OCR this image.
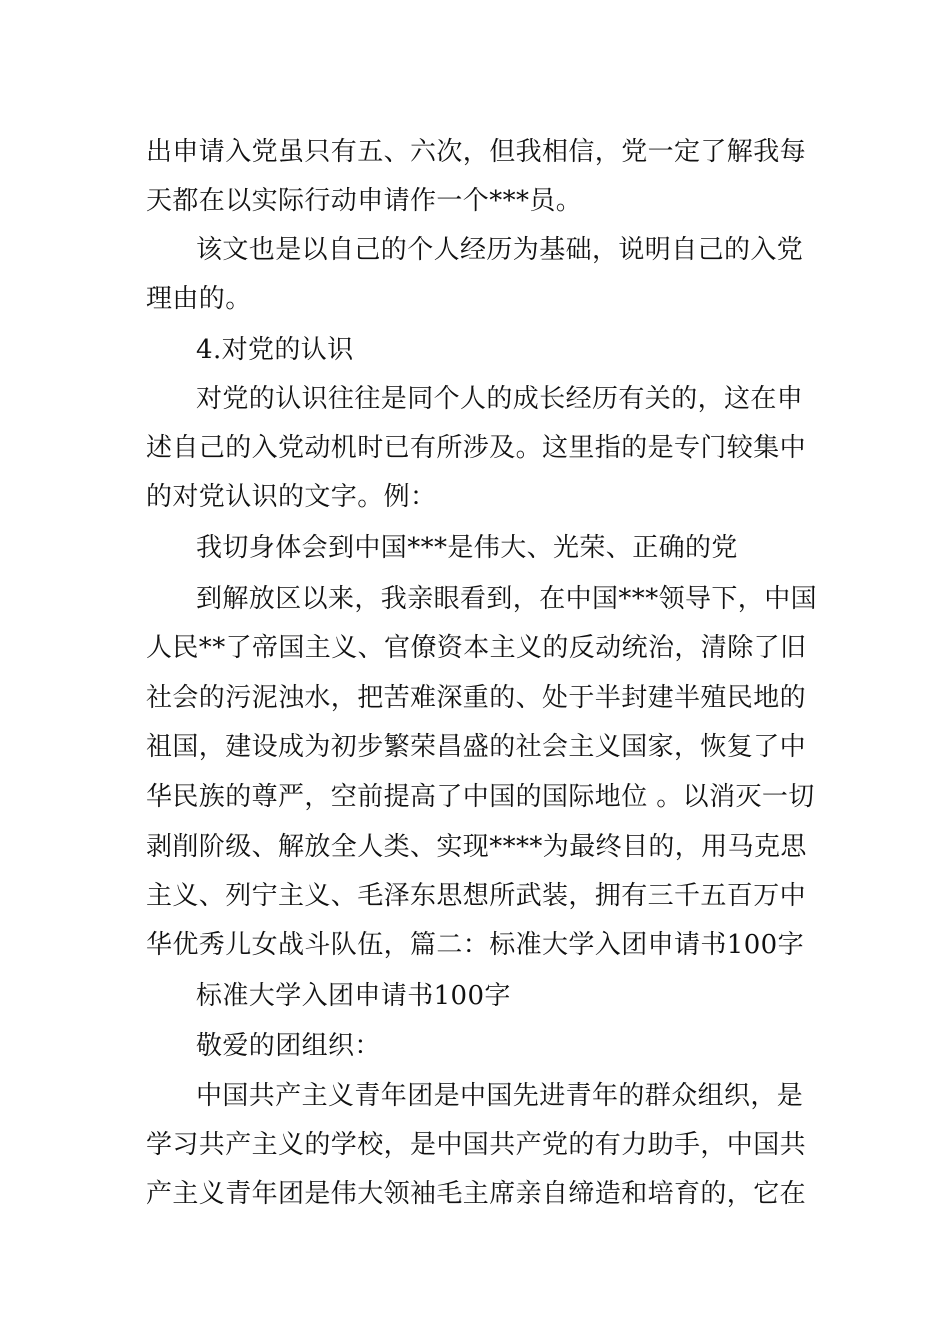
出申请入党虽只有五、六次，但我相信，党一定了解我每
天都在以实际行动申请作一个***员。
该文也是以自己的个人经历为基础，说明自己的入党
理由的。
4.对党的认识
对党的认识往往是同个人的成长经历有关的，这在申
述自己的入党动机时已有所涉及。这里指的是专门较集中
的对党认识的文字。例：
我切身体会到中国***是伟大、光荣、正确的党
到解放区以来，我亲眼看到，在中国***领导下，中国
人民**了帝国主义、官僚资本主义的反动统治，清除了旧
社会的污泥浊水，把苦难深重的、处于半封建半殖民地的
祖国，建设成为初步繁荣昌盛的社会主义国家，恢复了中
华民族的尊严，空前提高了中国的国际地位 。以消灭一切
剥削阶级、解放全人类、实现****为最终目的，用马克思
主义、列宁主义、毛泽东思想所武装，拥有三千五百万中
华优秀儿女战斗队伍，篇二：标准大学入团申请书100字
标准大学入团申请书100字
敬爱的团组织：
中国共产主义青年团是中国先进青年的群众组织，是
学习共产主义的学校，是中国共产党的有力助手，中国共
产主义青年团是伟大领袖毛主席亲自缔造和培育的，它在
